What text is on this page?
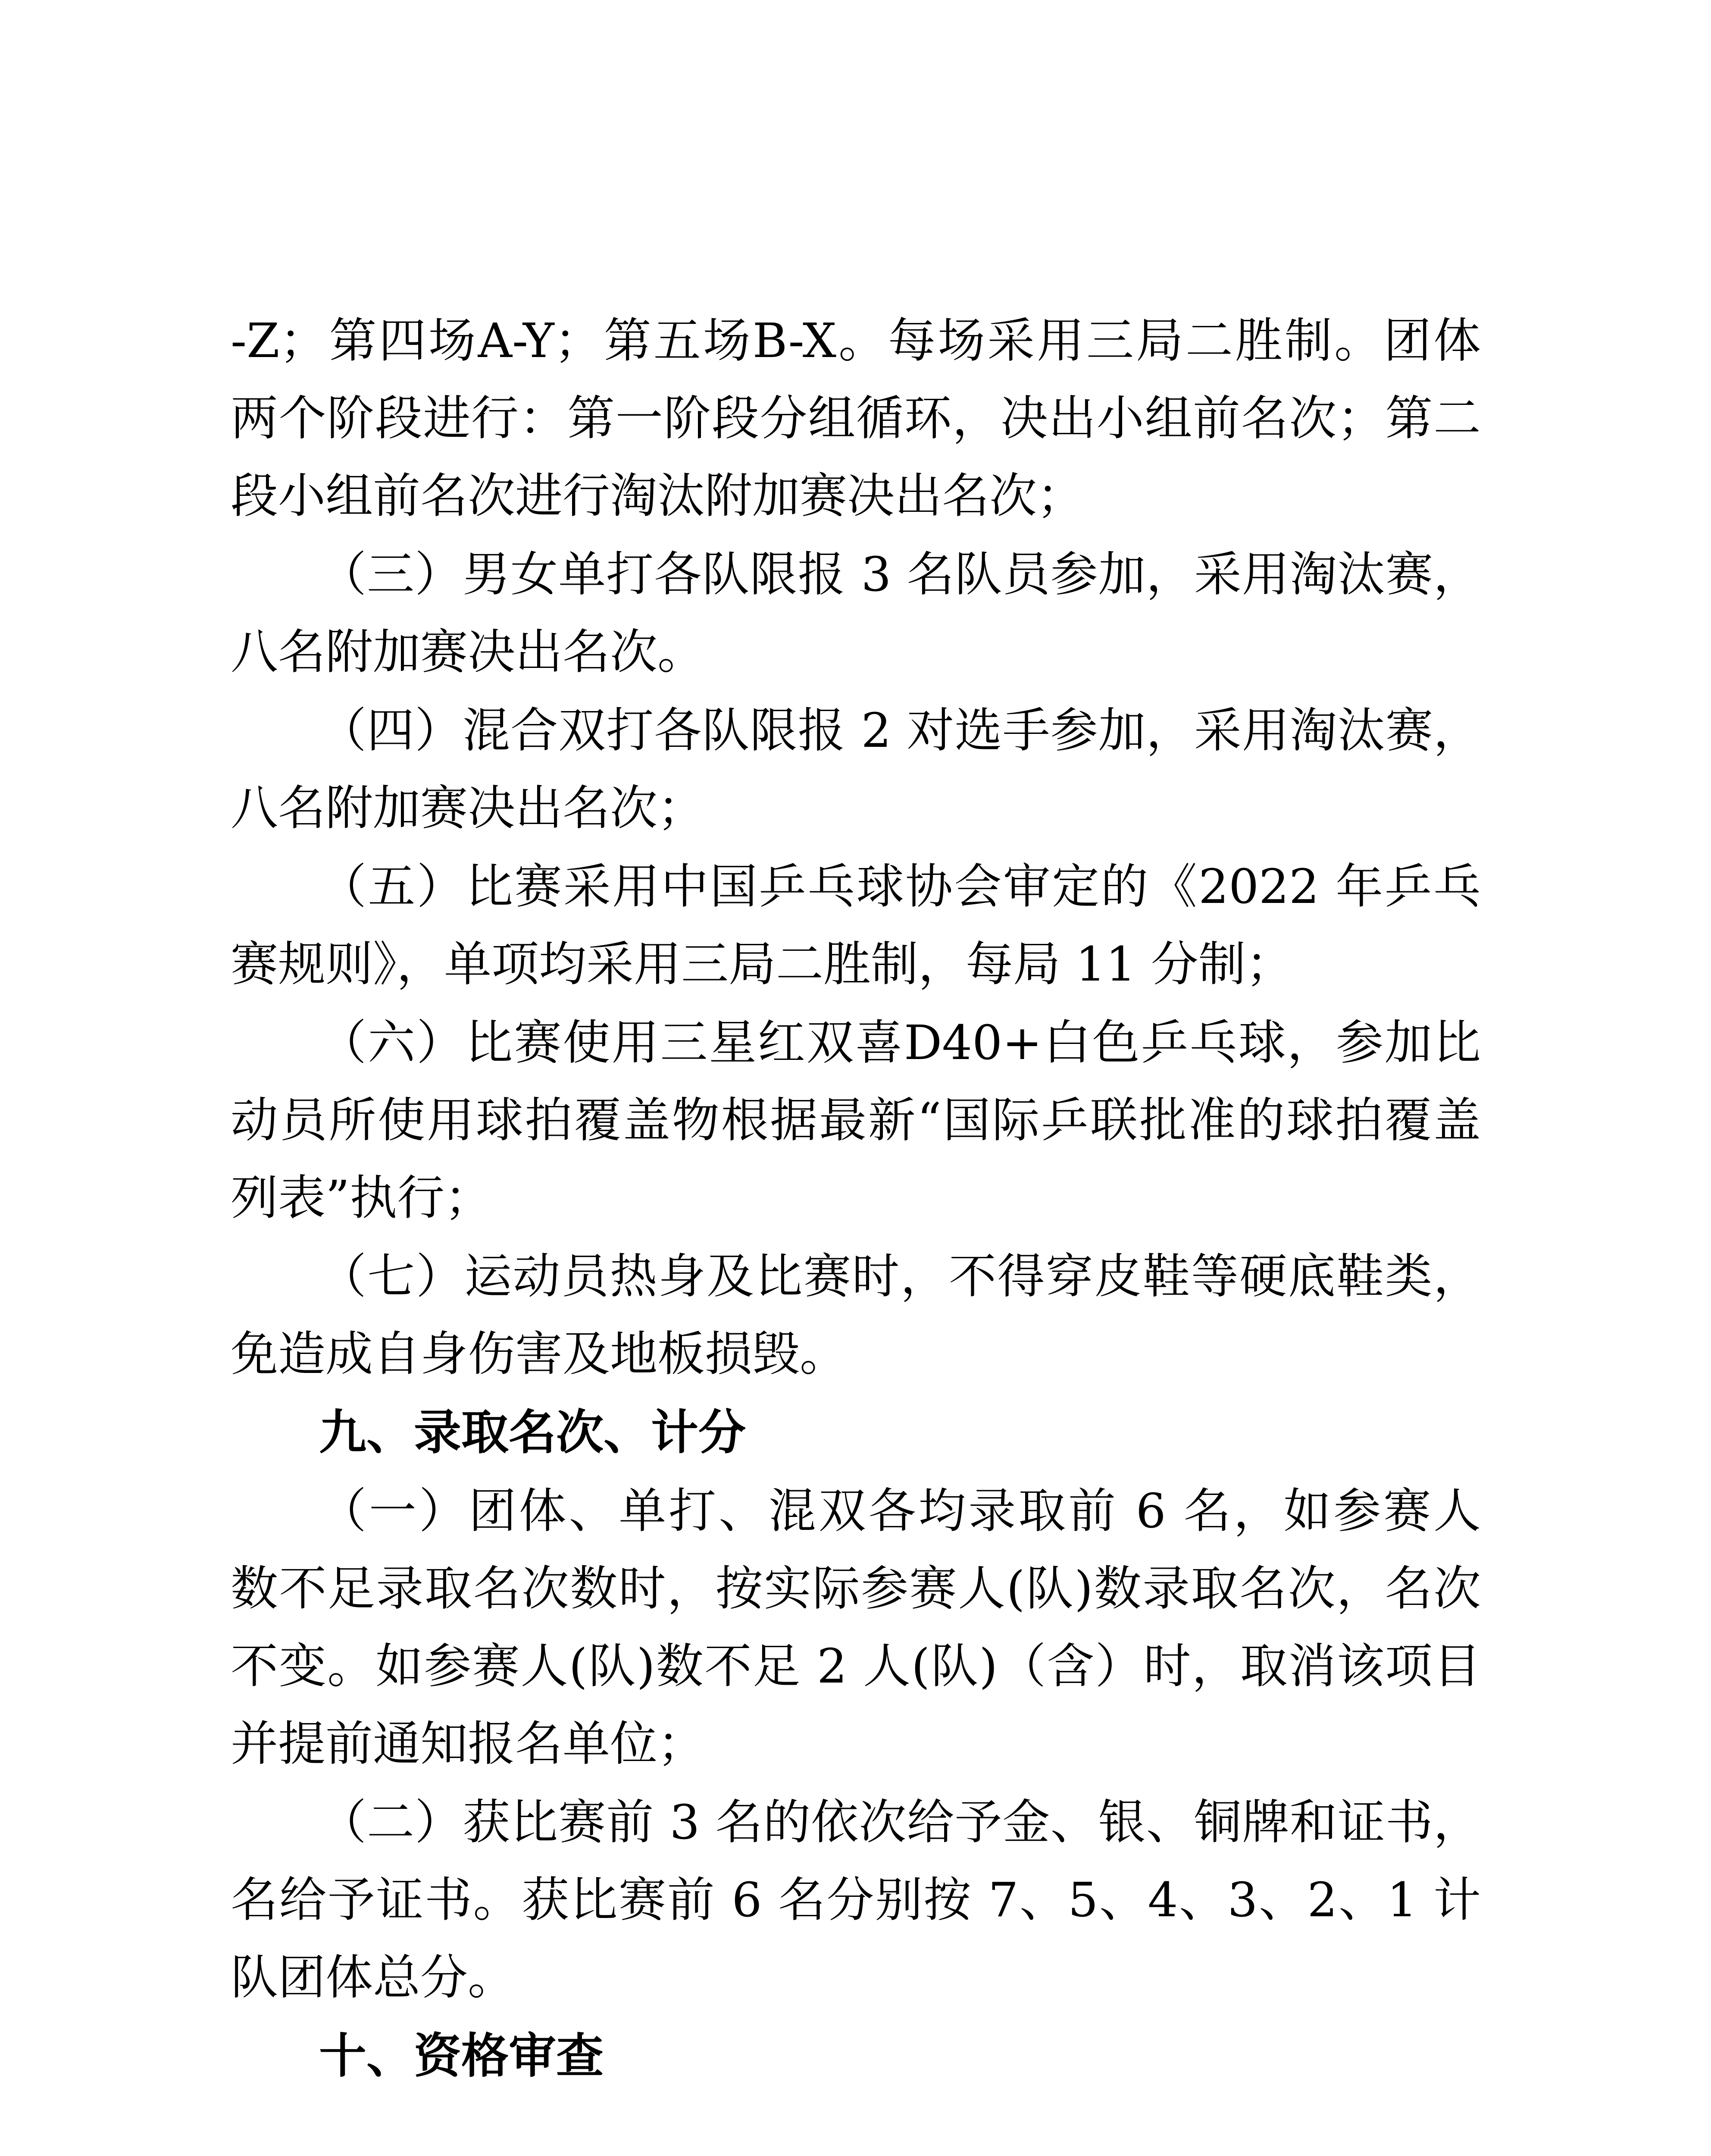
-Z；第四场A-Y；第五场B-X。每场采用三局二胜制。团体
两个阶段进行：第一阶段分组循环，决出小组前名次；第二
段小组前名次进行淘汰附加赛决出名次；
（三）男女单打各队限报 3 名队员参加，采用淘汰赛，
八名附加赛决出名次。
（四）混合双打各队限报 2 对选手参加，采用淘汰赛，
八名附加赛决出名次；
（五）比赛采用中国乒乓球协会审定的《2022 年乒乓
赛规则》，单项均采用三局二胜制，每局 11 分制；
（六）比赛使用三星红双喜D40+白色乒乓球，参加比
动员所使用球拍覆盖物根据最新“国际乒联批准的球拍覆盖
列表”执行；
（七）运动员热身及比赛时，不得穿皮鞋等硬底鞋类，
免造成自身伤害及地板损毁。
九、录取名次、计分
（一）团体、单打、混双各均录取前 6 名，如参赛人
数不足录取名次数时，按实际参赛人(队)数录取名次，名次
不变。如参赛人(队)数不足 2 人(队)（含）时，取消该项目
并提前通知报名单位；
（二）获比赛前 3 名的依次给予金、银、铜牌和证书，
名给予证书。获比赛前 6 名分别按 7、5、4、3、2、1 计
队团体总分。
十、资格审查
